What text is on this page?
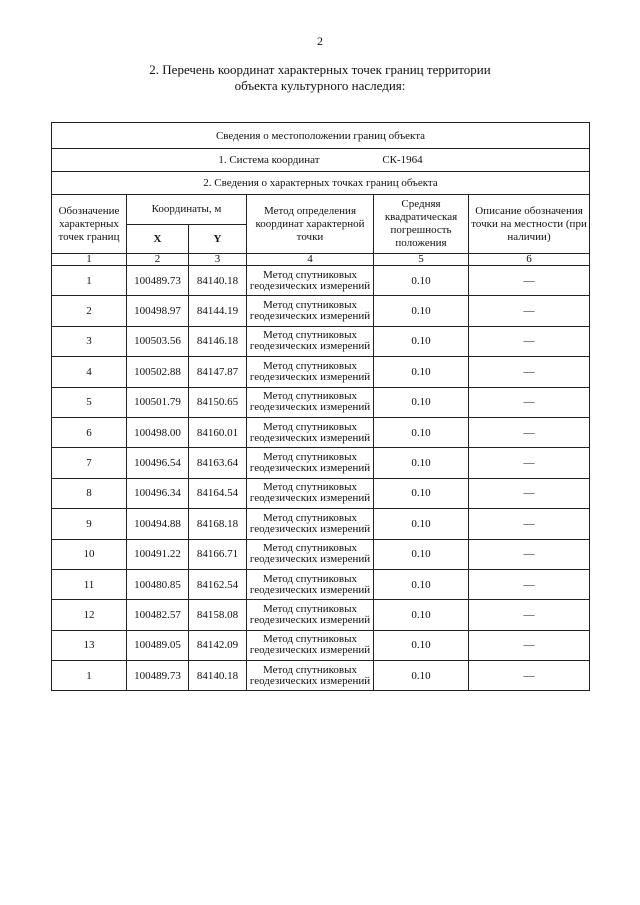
2
2. Перечень координат характерных точек границ территории
объекта культурного наследия:
Сведения о местоположении границ объекта					
1. Система координат СК-1964					
2. Сведения о характерных точках границ объекта					
Обозначение характерных точек границ	Координаты, м		Метод определения координат характерной точки	Средняя квадратическая погрешность положения	Описание обозначения точки на местности (при наличии)
	X	Y			
1	2	3	4	5	6
1	100489.73	84140.18	Метод спутниковых геодезических измерений	0.10	—
2	100498.97	84144.19	Метод спутниковых геодезических измерений	0.10	—
3	100503.56	84146.18	Метод спутниковых геодезических измерений	0.10	—
4	100502.88	84147.87	Метод спутниковых геодезических измерений	0.10	—
5	100501.79	84150.65	Метод спутниковых геодезических измерений	0.10	—
6	100498.00	84160.01	Метод спутниковых геодезических измерений	0.10	—
7	100496.54	84163.64	Метод спутниковых геодезических измерений	0.10	—
8	100496.34	84164.54	Метод спутниковых геодезических измерений	0.10	—
9	100494.88	84168.18	Метод спутниковых геодезических измерений	0.10	—
10	100491.22	84166.71	Метод спутниковых геодезических измерений	0.10	—
11	100480.85	84162.54	Метод спутниковых геодезических измерений	0.10	—
12	100482.57	84158.08	Метод спутниковых геодезических измерений	0.10	—
13	100489.05	84142.09	Метод спутниковых геодезических измерений	0.10	—
1	100489.73	84140.18	Метод спутниковых геодезических измерений	0.10	—
